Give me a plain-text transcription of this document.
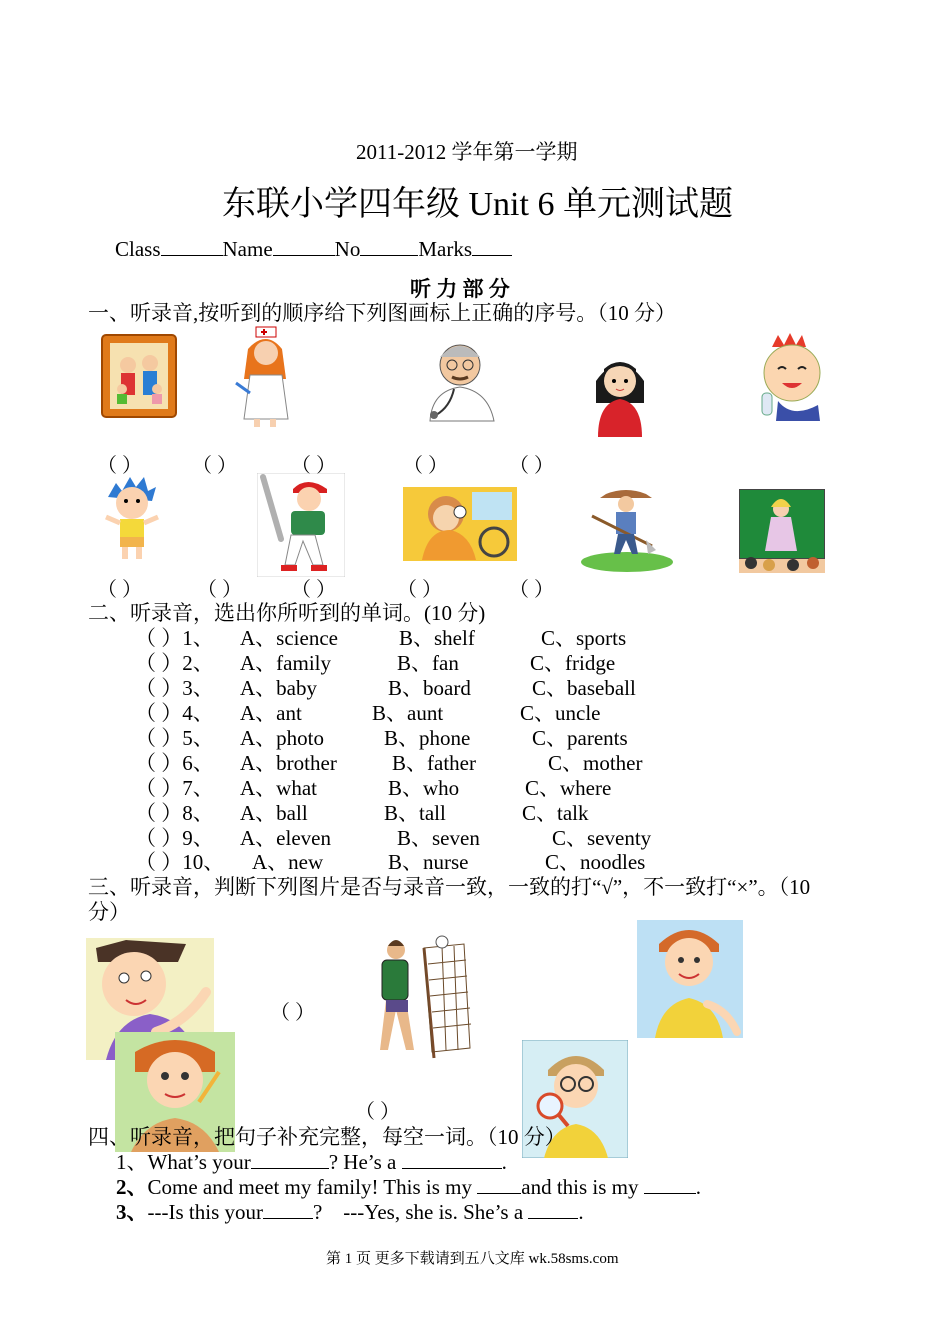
2011-2012 学年第一学期
东联小学四年级 Unit 6 单元测试题
Class	Name	No	Marks
听 力 部 分
一、听录音,按听到的顺序给下列图画标上正确的序号。（10 分）
（ ）	（ ）	（ ）	（ ）	（ ）
（ ）	（ ） （ ）	（ ）	（ ）
二、听录音，选出你所听到的单词。(10 分)
（ ）1、 A、science	B、shelf	C、sports
（ ）2、 A、family	B、fan	C、fridge
（ ）3、 A、baby	B、board	C、baseball
（ ）4、 A、ant	B、aunt	C、uncle
（ ）5、 A、photo	B、phone	C、parents
（ ）6、 A、brother	B、father	C、mother
（ ）7、 A、what	B、who	C、where
（ ）8、 A、ball	B、tall	C、talk
（ ）9、 A、eleven	B、seven	C、seventy
（ ）10、 A、new	B、nurse	C、noodles
三、听录音，判断下列图片是否与录音一致，一致的打“√”，不一致打“×”。（10
分）
（ ）
（ ）
四、听录音，把句子补充完整，每空一词。（10 分）
1、What’s your	? He’s a	.
2、Come and meet my family! This is my and this is my	.
3、---Is this your ?    ---Yes, she is. She’s a	.
第 1 页 更多下载请到五八文库 wk.58sms.com
